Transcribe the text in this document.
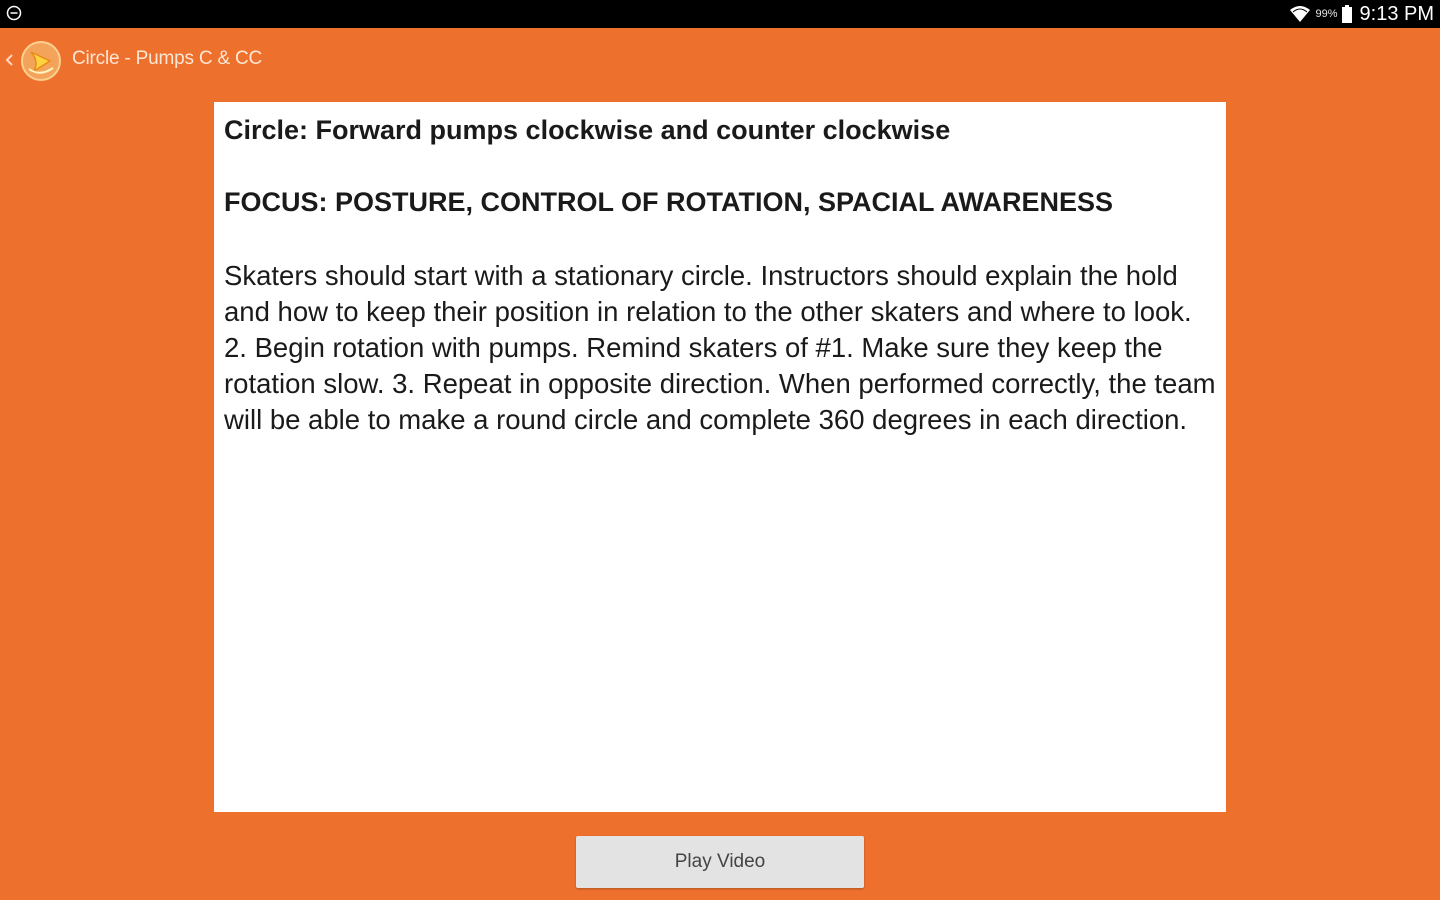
99% 9:13 PM
Circle - Pumps C & CC

Circle: Forward pumps clockwise and counter clockwise

FOCUS: POSTURE, CONTROL OF ROTATION, SPACIAL AWARENESS

Skaters should start with a stationary circle. Instructors should explain the hold and how to keep their position in relation to the other skaters and where to look. 2. Begin rotation with pumps. Remind skaters of #1. Make sure they keep the rotation slow. 3. Repeat in opposite direction. When performed correctly, the team will be able to make a round circle and complete 360 degrees in each direction.

Play Video
